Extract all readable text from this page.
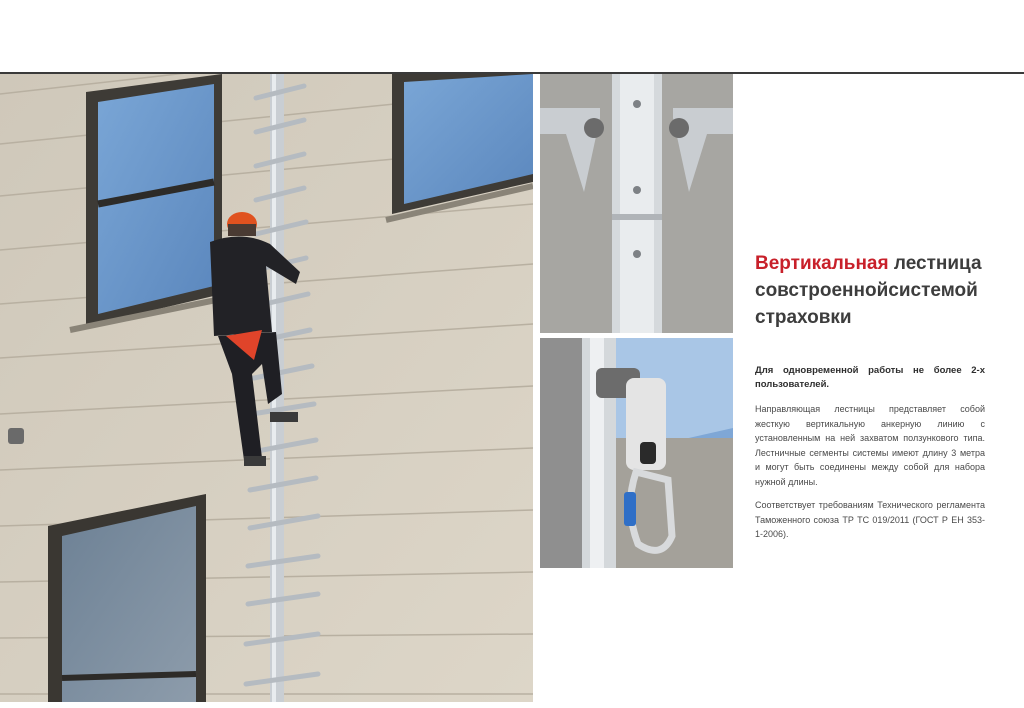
Вертикальная лестница
совстроеннойсистемой
страховки

Для одновременной работы не более 2-х пользователей.

Направляющая лестницы представляет собой жесткую вертикальную анкерную линию с установленным на ней захватом ползункового типа. Лестничные сегменты системы имеют длину 3 метра и могут быть соединены между собой для набора нужной длины.

Соответствует требованиям Технического регламента Таможенного союза ТР ТС 019/2011 (ГОСТ Р ЕН 353-1-2006).
